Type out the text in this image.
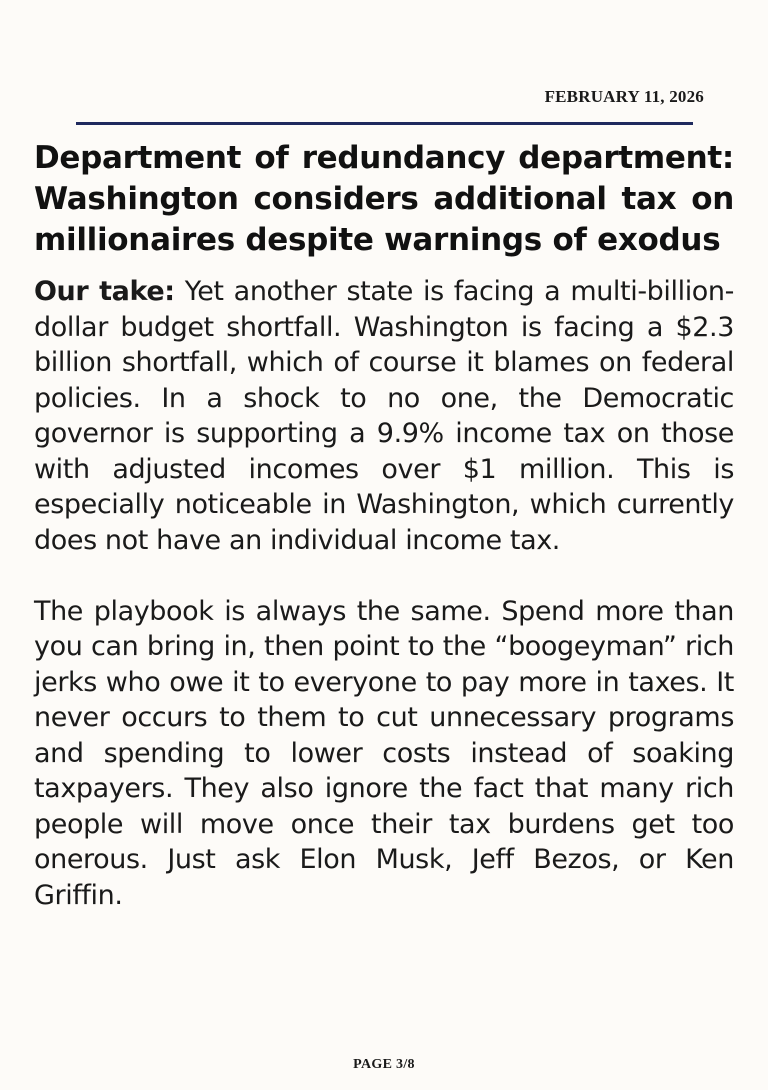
FEBRUARY 11, 2026
Department of redundancy department: Washington considers additional tax on millionaires despite warnings of exodus

Our take: Yet another state is facing a multi-billion-dollar budget shortfall. Washington is facing a $2.3 billion shortfall, which of course it blames on federal policies. In a shock to no one, the Democratic governor is supporting a 9.9% income tax on those with adjusted incomes over $1 million. This is especially noticeable in Washington, which currently does not have an individual income tax.

The playbook is always the same. Spend more than you can bring in, then point to the “boogeyman” rich jerks who owe it to everyone to pay more in taxes. It never occurs to them to cut unnecessary programs and spending to lower costs instead of soaking taxpayers. They also ignore the fact that many rich people will move once their tax burdens get too onerous. Just ask Elon Musk, Jeff Bezos, or Ken Griffin.

PAGE 3/8
